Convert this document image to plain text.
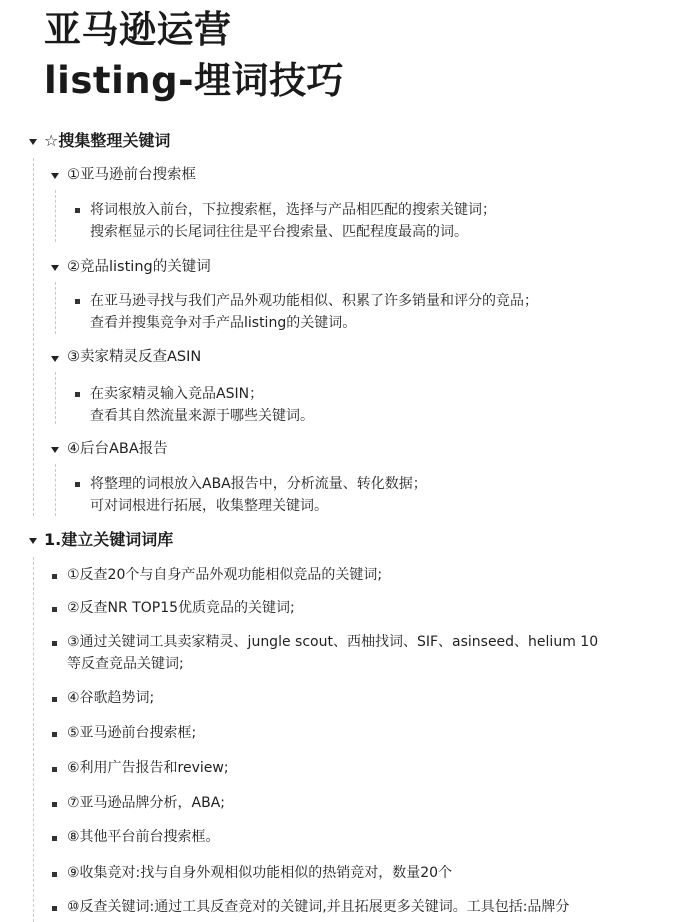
亚马逊运营
listing-埋词技巧
☆搜集整理关键词
①亚马逊前台搜索框
将词根放入前台，下拉搜索框，选择与产品相匹配的搜索关键词；
搜索框显示的长尾词往往是平台搜索量、匹配程度最高的词。
②竞品listing的关键词
在亚马逊寻找与我们产品外观功能相似、积累了许多销量和评分的竞品；
查看并搜集竞争对手产品listing的关键词。
③卖家精灵反查ASIN
在卖家精灵输入竞品ASIN；
查看其自然流量来源于哪些关键词。
④后台ABA报告
将整理的词根放入ABA报告中，分析流量、转化数据；
可对词根进行拓展，收集整理关键词。
1.建立关键词词库
①反查20个与自身产品外观功能相似竞品的关键词;
②反查NR TOP15优质竞品的关键词;
③通过关键词工具卖家精灵、jungle scout、西柚找词、SIF、asinseed、helium 10
等反查竞品关键词;
④谷歌趋势词;
⑤亚马逊前台搜索框;
⑥利用广告报告和review;
⑦亚马逊品牌分析，ABA;
⑧其他平台前台搜索框。
⑨收集竞对:找与自身外观相似功能相似的热销竞对，数量20个
⑩反查关键词:通过工具反查竞对的关键词,并且拓展更多关键词。工具包括:品牌分
